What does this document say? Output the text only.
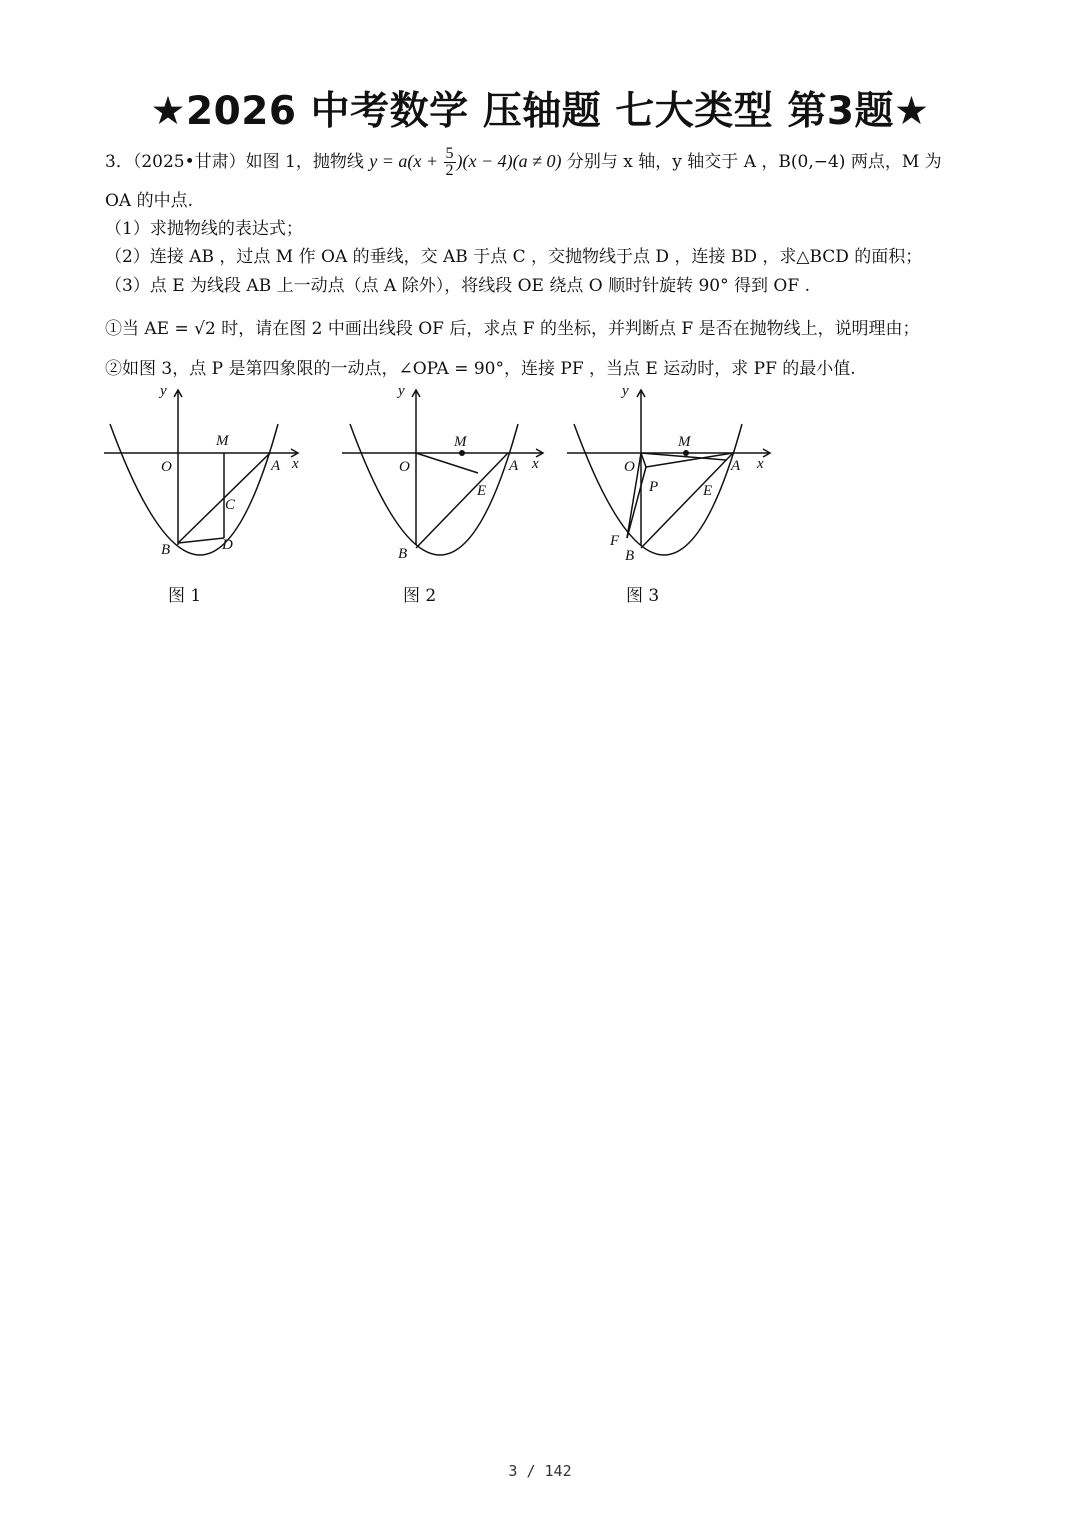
★2026 中考数学 压轴题 七大类型 第3题★
3．（2025•甘肃）如图 1，抛物线 $y = a(x + \frac{5}{2} )(x - 4)(a \ne 0)$ 分别与 x 轴，y 轴交于 A ，B(0,−4) 两点，M 为
OA 的中点.
（1）求抛物线的表达式；
（2）连接 AB ，过点 M 作 OA 的垂线，交 AB 于点 C ，交抛物线于点 D ，连接 BD ，求△BCD 的面积；
（3）点 E 为线段 AB 上一动点（点 A 除外），将线段 OE 绕点 O 顺时针旋转 90° 得到 OF .
①当 AE = √2 时，请在图 2 中画出线段 OF 后，求点 F 的坐标，并判断点 F 是否在抛物线上，说明理由；
②如图 3，点 P 是第四象限的一动点，∠OPA = 90°，连接 PF ，当点 E 运动时，求 PF 的最小值.
y
x
O
M
A
C
B	D
图 1
y
x
O
M
A
E
B
图 2
y
x
O
M
A
P	E
F
B
图 3
3 / 142
